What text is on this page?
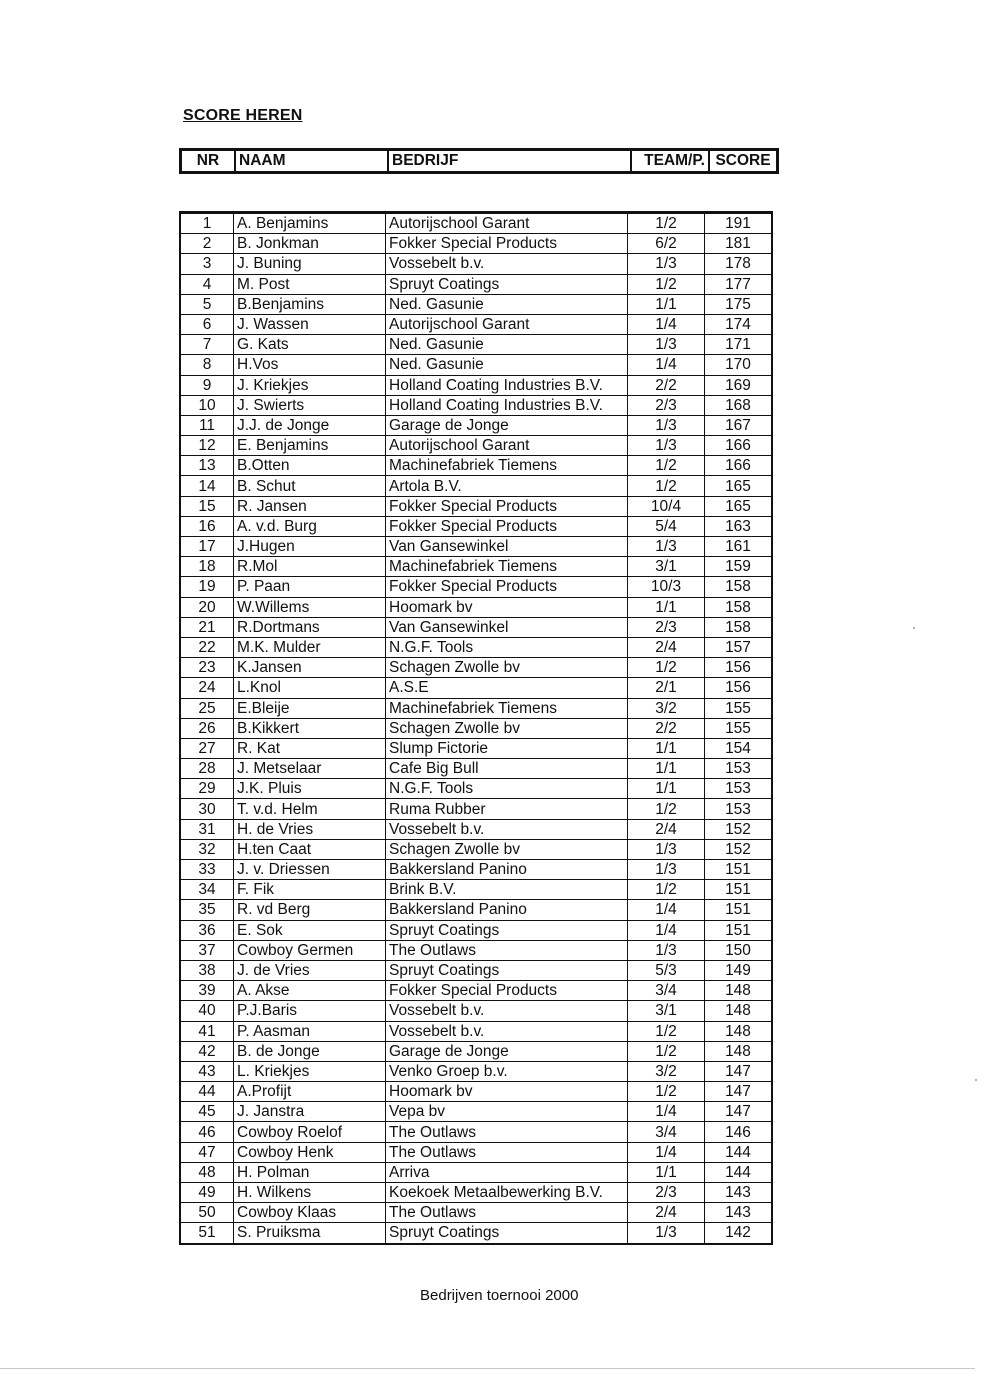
SCORE HEREN
NR	NAAM	BEDRIJF	TEAM/P.	SCORE
1	A. Benjamins	Autorijschool Garant	1/2	191
2	B. Jonkman	Fokker Special Products	6/2	181
3	J. Buning	Vossebelt b.v.	1/3	178
4	M. Post	Spruyt Coatings	1/2	177
5	B.Benjamins	Ned. Gasunie	1/1	175
6	J. Wassen	Autorijschool Garant	1/4	174
7	G. Kats	Ned. Gasunie	1/3	171
8	H.Vos	Ned. Gasunie	1/4	170
9	J. Kriekjes	Holland Coating Industries B.V.	2/2	169
10	J. Swierts	Holland Coating Industries B.V.	2/3	168
11	J.J. de Jonge	Garage de Jonge	1/3	167
12	E. Benjamins	Autorijschool Garant	1/3	166
13	B.Otten	Machinefabriek Tiemens	1/2	166
14	B. Schut	Artola B.V.	1/2	165
15	R. Jansen	Fokker Special Products	10/4	165
16	A. v.d. Burg	Fokker Special Products	5/4	163
17	J.Hugen	Van Gansewinkel	1/3	161
18	R.Mol	Machinefabriek Tiemens	3/1	159
19	P. Paan	Fokker Special Products	10/3	158
20	W.Willems	Hoomark bv	1/1	158
21	R.Dortmans	Van Gansewinkel	2/3	158
22	M.K. Mulder	N.G.F. Tools	2/4	157
23	K.Jansen	Schagen Zwolle bv	1/2	156
24	L.Knol	A.S.E	2/1	156
25	E.Bleije	Machinefabriek Tiemens	3/2	155
26	B.Kikkert	Schagen Zwolle bv	2/2	155
27	R. Kat	Slump Fictorie	1/1	154
28	J. Metselaar	Cafe Big Bull	1/1	153
29	J.K. Pluis	N.G.F. Tools	1/1	153
30	T. v.d. Helm	Ruma Rubber	1/2	153
31	H. de Vries	Vossebelt b.v.	2/4	152
32	H.ten Caat	Schagen Zwolle bv	1/3	152
33	J. v. Driessen	Bakkersland Panino	1/3	151
34	F. Fik	Brink B.V.	1/2	151
35	R. vd Berg	Bakkersland Panino	1/4	151
36	E. Sok	Spruyt Coatings	1/4	151
37	Cowboy Germen	The Outlaws	1/3	150
38	J. de Vries	Spruyt Coatings	5/3	149
39	A. Akse	Fokker Special Products	3/4	148
40	P.J.Baris	Vossebelt b.v.	3/1	148
41	P. Aasman	Vossebelt b.v.	1/2	148
42	B. de Jonge	Garage de Jonge	1/2	148
43	L. Kriekjes	Venko Groep b.v.	3/2	147
44	A.Profijt	Hoomark bv	1/2	147
45	J. Janstra	Vepa bv	1/4	147
46	Cowboy Roelof	The Outlaws	3/4	146
47	Cowboy Henk	The Outlaws	1/4	144
48	H. Polman	Arriva	1/1	144
49	H. Wilkens	Koekoek Metaalbewerking B.V.	2/3	143
50	Cowboy Klaas	The Outlaws	2/4	143
51	S. Pruiksma	Spruyt Coatings	1/3	142
Bedrijven toernooi 2000
